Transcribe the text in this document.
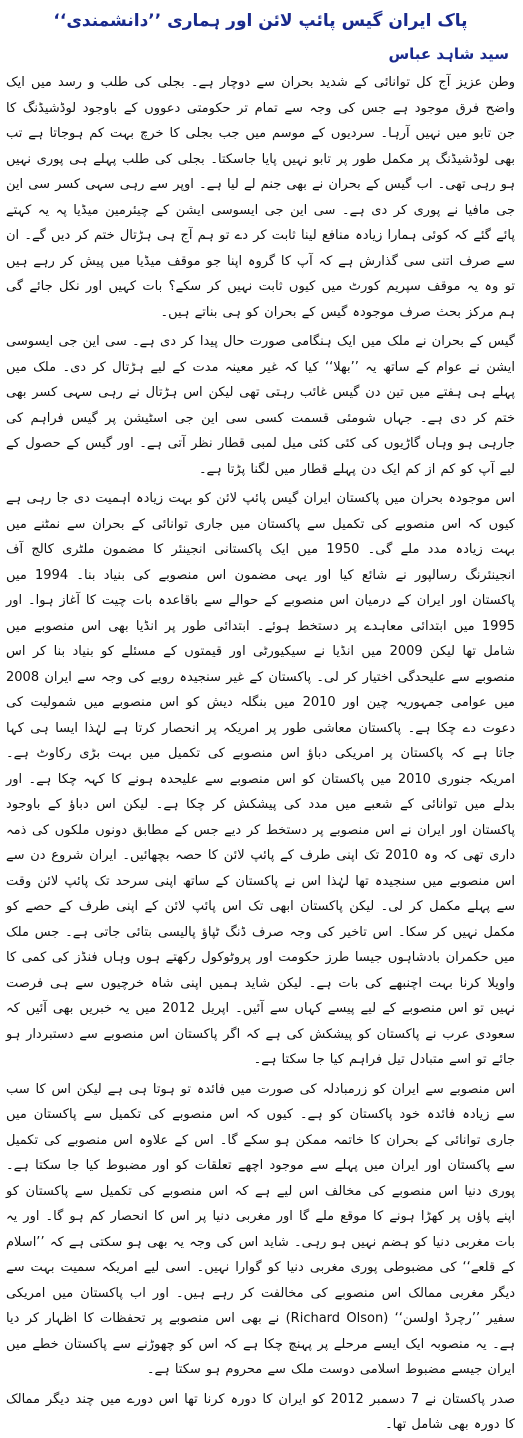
پاک ایران گیس پائپ لائن اور ہماری ’’دانشمندی‘‘
سید شاہد عباس

وطن عزیز آج کل توانائی کے شدید بحران سے دوچار ہے۔ بجلی کی طلب و رسد میں ایک واضح فرق موجود ہے جس کی وجہ سے تمام تر حکومتی دعووں کے باوجود لوڈشیڈنگ کا جن تابو میں نہیں آرہا۔ سردیوں کے موسم میں جب بجلی کا خرچ بہت کم ہوجاتا ہے تب بھی لوڈشیڈنگ پر مکمل طور پر تابو نہیں پایا جاسکتا۔ بجلی کی طلب پہلے ہی پوری نہیں ہو رہی تھی۔ اب گیس کے بحران نے بھی جنم لے لیا ہے۔ اوپر سے رہی سہی کسر سی این جی مافیا نے پوری کر دی ہے۔ سی این جی ایسوسی ایشن کے چیئرمین میڈیا پہ یہ کہتے پائے گئے کہ کوئی ہمارا زیادہ منافع لینا ثابت کر دے تو ہم آج ہی ہڑتال ختم کر دیں گے۔ ان سے صرف اتنی سی گذارش ہے کہ آپ کا گروہ اپنا جو موقف میڈیا میں پیش کر رہے ہیں تو وہ یہ موقف سپریم کورٹ میں کیوں ثابت نہیں کر سکے؟ بات کہیں اور نکل جائے گی ہم مرکز بحث صرف موجودہ گیس کے بحران کو ہی بناتے ہیں۔

گیس کے بحران نے ملک میں ایک ہنگامی صورت حال پیدا کر دی ہے۔ سی این جی ایسوسی ایشن نے عوام کے ساتھ یہ ’’بھلا‘‘ کیا کہ غیر معینہ مدت کے لیے ہڑتال کر دی۔ ملک میں پہلے ہی ہفتے میں تین دن گیس غائب رہتی تھی لیکن اس ہڑتال نے رہی سہی کسر بھی ختم کر دی ہے۔ جہاں شومئی قسمت کسی سی این جی اسٹیشن پر گیس فراہم کی جارہی ہو وہاں گاڑیوں کی کئی کئی میل لمبی قطار نظر آتی ہے۔ اور گیس کے حصول کے لیے آپ کو کم از کم ایک دن پہلے قطار میں لگنا پڑتا ہے۔

اس موجودہ بحران میں پاکستان ایران گیس پائپ لائن کو بہت زیادہ اہمیت دی جا رہی ہے کیوں کہ اس منصوبے کی تکمیل سے پاکستان میں جاری توانائی کے بحران سے نمٹنے میں بہت زیادہ مدد ملے گی۔ 1950 میں ایک پاکستانی انجینئر کا مضمون ملٹری کالج آف انجینئرنگ رسالپور نے شائع کیا اور یہی مضمون اس منصوبے کی بنیاد بنا۔ 1994 میں پاکستان اور ایران کے درمیان اس منصوبے کے حوالے سے باقاعدہ بات چیت کا آغاز ہوا۔ اور 1995 میں ابتدائی معاہدے پر دستخط ہوئے۔ ابتدائی طور پر انڈیا بھی اس منصوبے میں شامل تھا لیکن 2009 میں انڈیا نے سیکیورٹی اور قیمتوں کے مسئلے کو بنیاد بنا کر اس منصوبے سے علیحدگی اختیار کر لی۔ پاکستان کے غیر سنجیدہ رویے کی وجہ سے ایران 2008 میں عوامی جمہوریہ چین اور 2010 میں بنگلہ دیش کو اس منصوبے میں شمولیت کی دعوت دے چکا ہے۔ پاکستان معاشی طور پر امریکہ پر انحصار کرتا ہے لہٰذا ایسا ہی کہا جاتا ہے کہ پاکستان پر امریکی دباؤ اس منصوبے کی تکمیل میں بہت بڑی رکاوٹ ہے۔ امریکہ جنوری 2010 میں پاکستان کو اس منصوبے سے علیحدہ ہونے کا کہہ چکا ہے۔ اور بدلے میں توانائی کے شعبے میں مدد کی پیشکش کر چکا ہے۔ لیکن اس دباؤ کے باوجود پاکستان اور ایران نے اس منصوبے پر دستخط کر دیے جس کے مطابق دونوں ملکوں کی ذمہ داری تھی کہ وہ 2010 تک اپنی طرف کے پائپ لائن کا حصہ بچھائیں۔ ایران شروع دن سے اس منصوبے میں سنجیدہ تھا لہٰذا اس نے پاکستان کے ساتھ اپنی سرحد تک پائپ لائن وقت سے پہلے مکمل کر لی۔ لیکن پاکستان ابھی تک اس پائپ لائن کے اپنی طرف کے حصے کو مکمل نہیں کر سکا۔ اس تاخیر کی وجہ صرف ڈنگ ٹپاؤ پالیسی بتائی جاتی ہے۔ جس ملک میں حکمران بادشاہوں جیسا طرز حکومت اور پروٹوکول رکھتے ہوں وہاں فنڈز کی کمی کا واویلا کرنا بہت اچنبھے کی بات ہے۔ لیکن شاید ہمیں اپنی شاہ خرچیوں سے ہی فرصت نہیں تو اس منصوبے کے لیے پیسے کہاں سے آئیں۔ اپریل 2012 میں یہ خبریں بھی آئیں کہ سعودی عرب نے پاکستان کو پیشکش کی ہے کہ اگر پاکستان اس منصوبے سے دستبردار ہو جائے تو اسے متبادل تیل فراہم کیا جا سکتا ہے۔

اس منصوبے سے ایران کو زرمبادلہ کی صورت میں فائدہ تو ہوتا ہی ہے لیکن اس کا سب سے زیادہ فائدہ خود پاکستان کو ہے۔ کیوں کہ اس منصوبے کی تکمیل سے پاکستان میں جاری توانائی کے بحران کا خاتمہ ممکن ہو سکے گا۔ اس کے علاوہ اس منصوبے کی تکمیل سے پاکستان اور ایران میں پہلے سے موجود اچھے تعلقات کو اور مضبوط کیا جا سکتا ہے۔ پوری دنیا اس منصوبے کی مخالف اس لیے ہے کہ اس منصوبے کی تکمیل سے پاکستان کو اپنے پاؤں پر کھڑا ہونے کا موقع ملے گا اور مغربی دنیا پر اس کا انحصار کم ہو گا۔ اور یہ بات مغربی دنیا کو ہضم نہیں ہو رہی۔ شاید اس کی وجہ یہ بھی ہو سکتی ہے کہ ’’اسلام کے قلعے‘‘ کی مضبوطی پوری مغربی دنیا کو گوارا نہیں۔ اسی لیے امریکہ سمیت بہت سے دیگر مغربی ممالک اس منصوبے کی مخالفت کر رہے ہیں۔ اور اب پاکستان میں امریکی سفیر ’’رچرڈ اولسن‘‘ (Richard Olson) نے بھی اس منصوبے پر تحفظات کا اظہار کر دیا ہے۔ یہ منصوبہ ایک ایسے مرحلے پر پہنچ چکا ہے کہ اس کو چھوڑنے سے پاکستان خطے میں ایران جیسے مضبوط اسلامی دوست ملک سے محروم ہو سکتا ہے۔

صدر پاکستان نے 7 دسمبر 2012 کو ایران کا دورہ کرنا تھا اس دورے میں چند دیگر ممالک کا دورہ بھی شامل تھا۔
